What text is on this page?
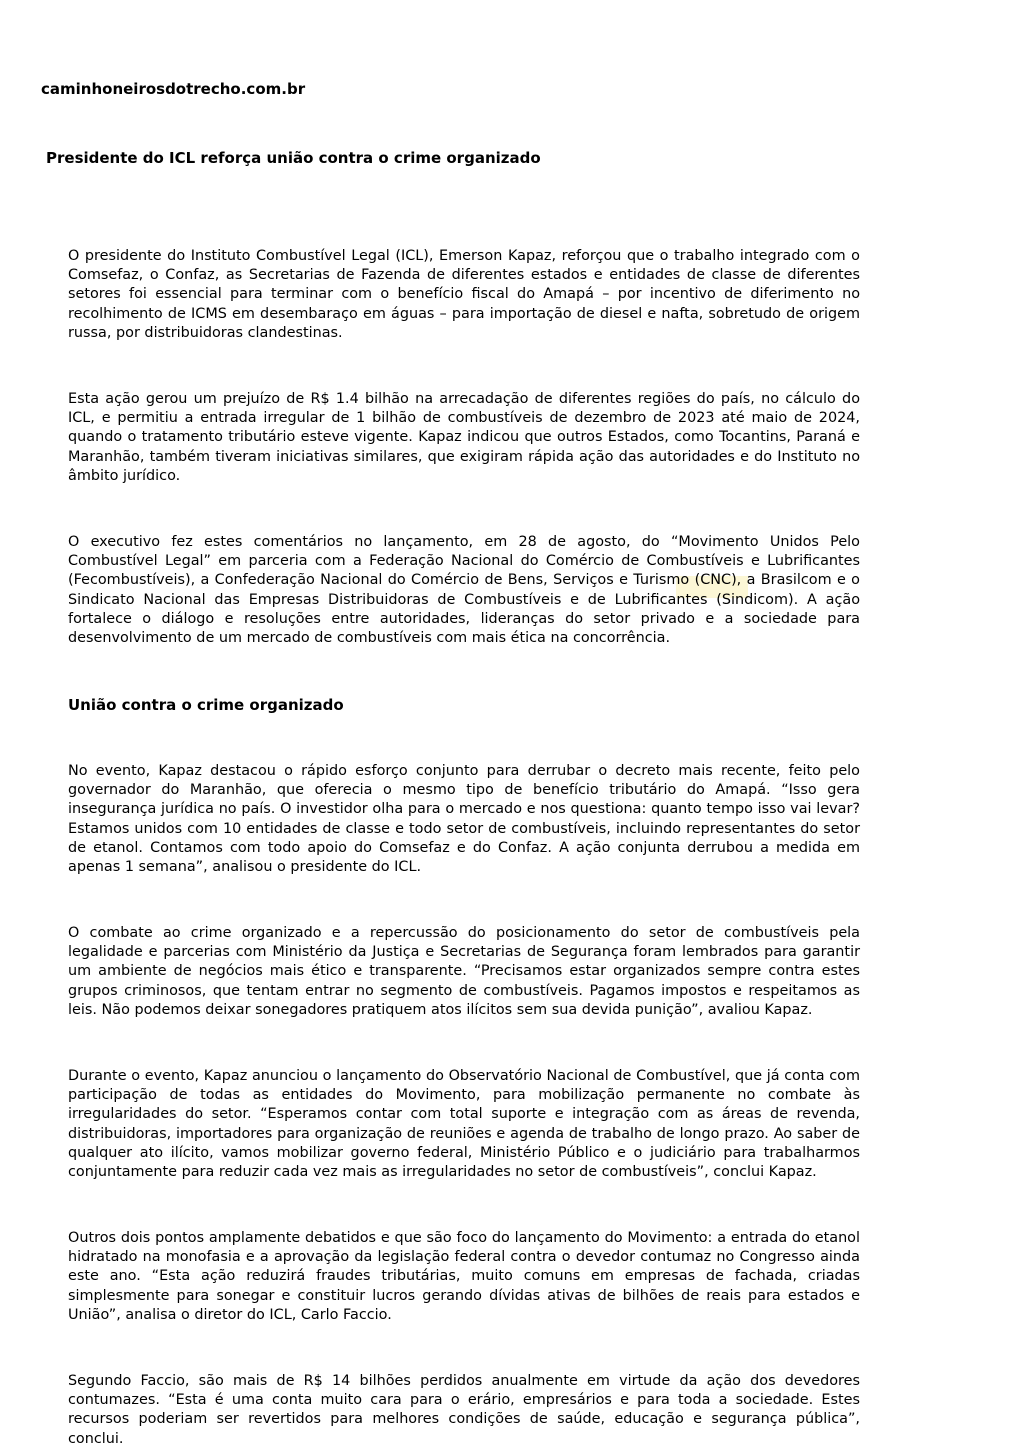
caminhoneirosdotrecho.com.br

Presidente do ICL reforça união contra o crime organizado

O presidente do Instituto Combustível Legal (ICL), Emerson Kapaz, reforçou que o trabalho integrado com o Comsefaz, o Confaz, as Secretarias de Fazenda de diferentes estados e entidades de classe de diferentes setores foi essencial para terminar com o benefício fiscal do Amapá – por incentivo de diferimento no recolhimento de ICMS em desembaraço em águas – para importação de diesel e nafta, sobretudo de origem russa, por distribuidoras clandestinas.

Esta ação gerou um prejuízo de R$ 1.4 bilhão na arrecadação de diferentes regiões do país, no cálculo do ICL, e permitiu a entrada irregular de 1 bilhão de combustíveis de dezembro de 2023 até maio de 2024, quando o tratamento tributário esteve vigente. Kapaz indicou que outros Estados, como Tocantins, Paraná e Maranhão, também tiveram iniciativas similares, que exigiram rápida ação das autoridades e do Instituto no âmbito jurídico.

O executivo fez estes comentários no lançamento, em 28 de agosto, do “Movimento Unidos Pelo Combustível Legal” em parceria com a Federação Nacional do Comércio de Combustíveis e Lubrificantes (Fecombustíveis), a Confederação Nacional do Comércio de Bens, Serviços e Turismo (CNC), a Brasilcom e o Sindicato Nacional das Empresas Distribuidoras de Combustíveis e de Lubrificantes (Sindicom). A ação fortalece o diálogo e resoluções entre autoridades, lideranças do setor privado e a sociedade para desenvolvimento de um mercado de combustíveis com mais ética na concorrência.

União contra o crime organizado

No evento, Kapaz destacou o rápido esforço conjunto para derrubar o decreto mais recente, feito pelo governador do Maranhão, que oferecia o mesmo tipo de benefício tributário do Amapá. “Isso gera insegurança jurídica no país. O investidor olha para o mercado e nos questiona: quanto tempo isso vai levar? Estamos unidos com 10 entidades de classe e todo setor de combustíveis, incluindo representantes do setor de etanol. Contamos com todo apoio do Comsefaz e do Confaz. A ação conjunta derrubou a medida em apenas 1 semana”, analisou o presidente do ICL.

O combate ao crime organizado e a repercussão do posicionamento do setor de combustíveis pela legalidade e parcerias com Ministério da Justiça e Secretarias de Segurança foram lembrados para garantir um ambiente de negócios mais ético e transparente. “Precisamos estar organizados sempre contra estes grupos criminosos, que tentam entrar no segmento de combustíveis. Pagamos impostos e respeitamos as leis. Não podemos deixar sonegadores pratiquem atos ilícitos sem sua devida punição”, avaliou Kapaz.

Durante o evento, Kapaz anunciou o lançamento do Observatório Nacional de Combustível, que já conta com participação de todas as entidades do Movimento, para mobilização permanente no combate às irregularidades do setor. “Esperamos contar com total suporte e integração com as áreas de revenda, distribuidoras, importadores para organização de reuniões e agenda de trabalho de longo prazo. Ao saber de qualquer ato ilícito, vamos mobilizar governo federal, Ministério Público e o judiciário para trabalharmos conjuntamente para reduzir cada vez mais as irregularidades no setor de combustíveis”, conclui Kapaz.

Outros dois pontos amplamente debatidos e que são foco do lançamento do Movimento: a entrada do etanol hidratado na monofasia e a aprovação da legislação federal contra o devedor contumaz no Congresso ainda este ano. “Esta ação reduzirá fraudes tributárias, muito comuns em empresas de fachada, criadas simplesmente para sonegar e constituir lucros gerando dívidas ativas de bilhões de reais para estados e União”, analisa o diretor do ICL, Carlo Faccio.

Segundo Faccio, são mais de R$ 14 bilhões perdidos anualmente em virtude da ação dos devedores contumazes. “Esta é uma conta muito cara para o erário, empresários e para toda a sociedade. Estes recursos poderiam ser revertidos para melhores condições de saúde, educação e segurança pública”, conclui.
